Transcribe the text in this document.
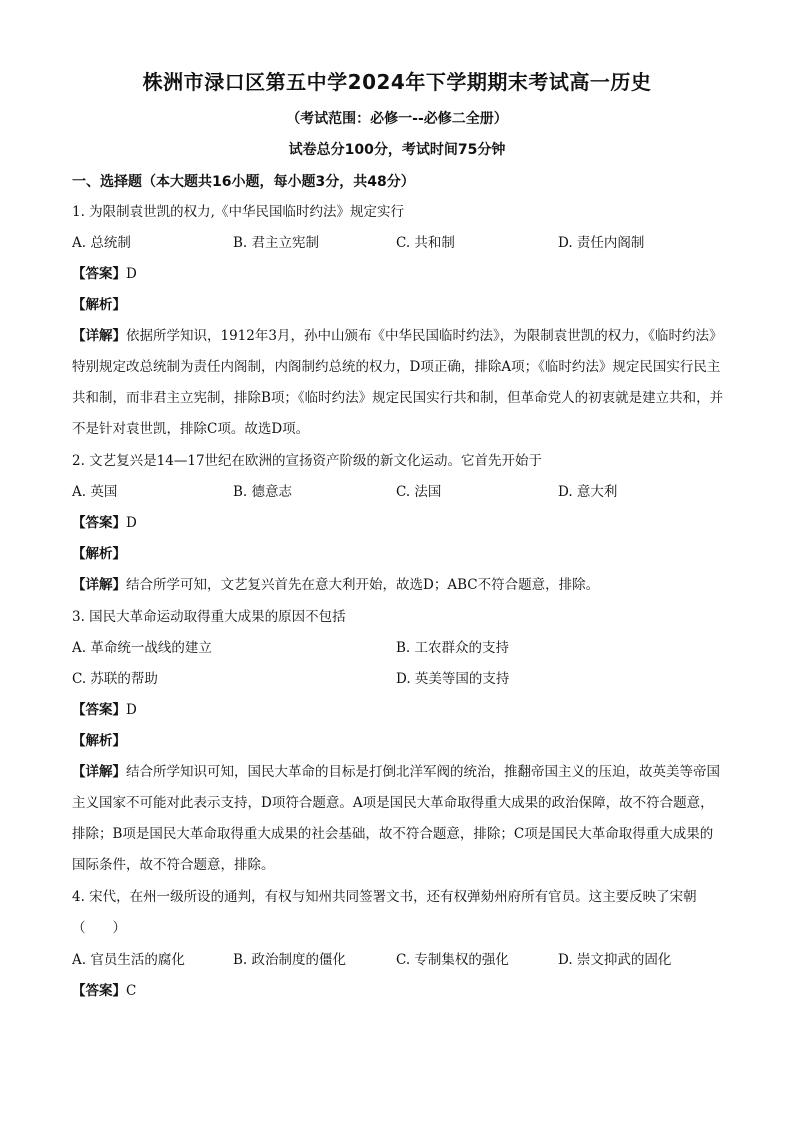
株洲市渌口区第五中学2024年下学期期末考试高一历史
（考试范围：必修一--必修二全册）
试卷总分100分，考试时间75分钟
一、选择题（本大题共16小题，每小题3分，共48分）
1. 为限制袁世凯的权力,《中华民国临时约法》规定实行
A. 总统制	B. 君主立宪制	C. 共和制	D. 责任内阁制
【答案】D
【解析】
【详解】依据所学知识，1912年3月，孙中山颁布《中华民国临时约法》，为限制袁世凯的权力，《临时约法》特别规定改总统制为责任内阁制，内阁制约总统的权力，D项正确，排除A项；《临时约法》规定民国实行民主共和制，而非君主立宪制，排除B项；《临时约法》规定民国实行共和制，但革命党人的初衷就是建立共和，并不是针对袁世凯，排除C项。故选D项。
2. 文艺复兴是14—17世纪在欧洲的宣扬资产阶级的新文化运动。它首先开始于
A. 英国	B. 德意志	C. 法国	D. 意大利
【答案】D
【解析】
【详解】结合所学可知，文艺复兴首先在意大利开始，故选D；ABC不符合题意，排除。
3. 国民大革命运动取得重大成果的原因不包括
A. 革命统一战线的建立	B. 工农群众的支持
C. 苏联的帮助	D. 英美等国的支持
【答案】D
【解析】
【详解】结合所学知识可知，国民大革命的目标是打倒北洋军阀的统治，推翻帝国主义的压迫，故英美等帝国主义国家不可能对此表示支持，D项符合题意。A项是国民大革命取得重大成果的政治保障，故不符合题意，排除；B项是国民大革命取得重大成果的社会基础，故不符合题意，排除；C项是国民大革命取得重大成果的国际条件，故不符合题意，排除。
4. 宋代，在州一级所设的通判，有权与知州共同签署文书，还有权弹劾州府所有官员。这主要反映了宋朝（　　）
A. 官员生活的腐化	B. 政治制度的僵化	C. 专制集权的强化	D. 崇文抑武的固化
【答案】C
